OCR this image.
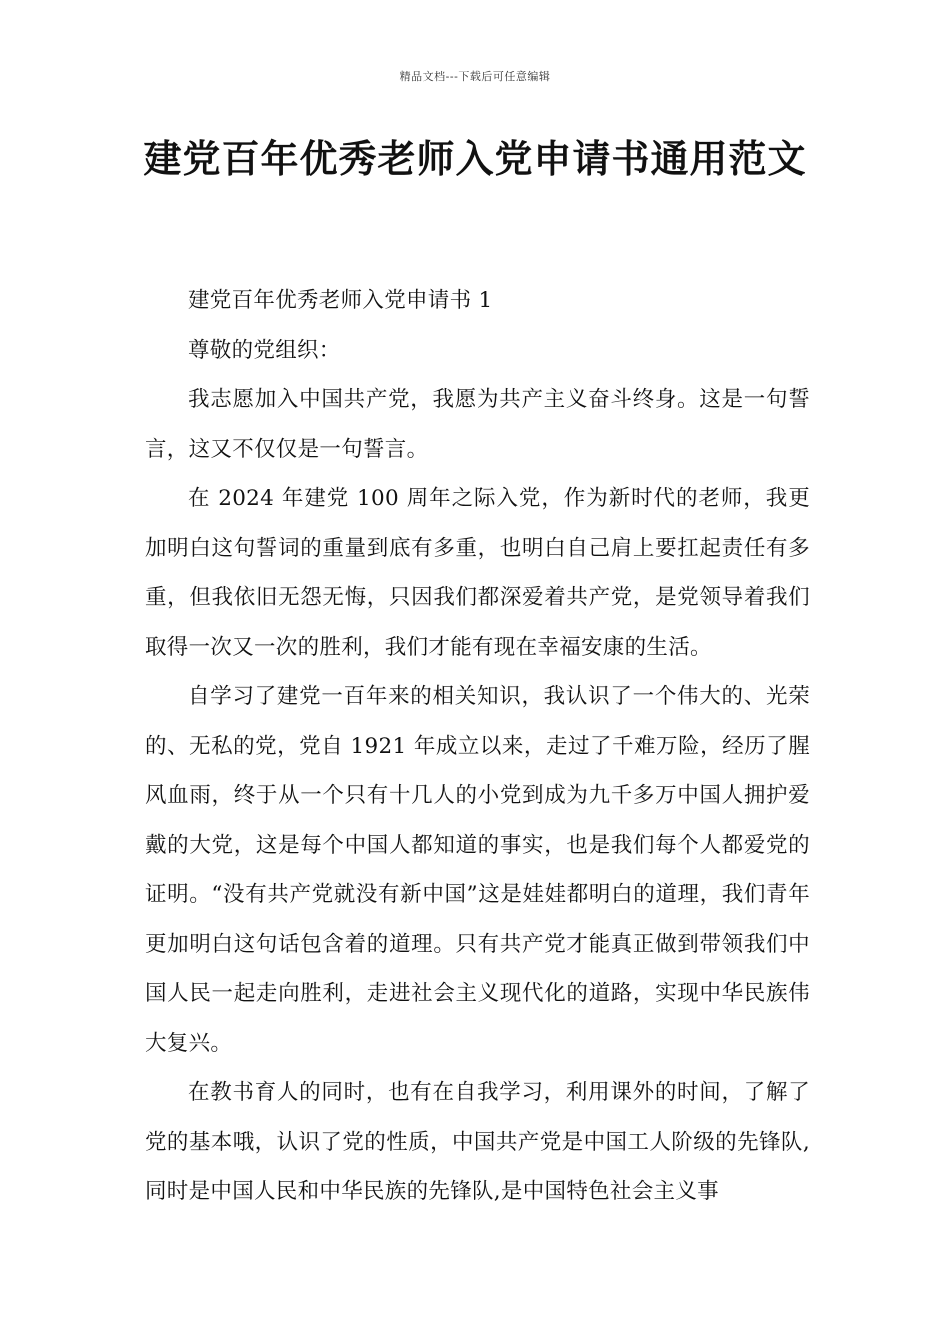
精品文档---下载后可任意编辑
建党百年优秀老师入党申请书通用范文

建党百年优秀老师入党申请书 1

尊敬的党组织：

我志愿加入中国共产党，我愿为共产主义奋斗终身。这是一句誓言，这又不仅仅是一句誓言。

在 2024 年建党 100 周年之际入党，作为新时代的老师，我更加明白这句誓词的重量到底有多重，也明白自己肩上要扛起责任有多重，但我依旧无怨无悔，只因我们都深爱着共产党，是党领导着我们取得一次又一次的胜利，我们才能有现在幸福安康的生活。

自学习了建党一百年来的相关知识，我认识了一个伟大的、光荣的、无私的党，党自 1921 年成立以来，走过了千难万险，经历了腥风血雨，终于从一个只有十几人的小党到成为九千多万中国人拥护爱戴的大党，这是每个中国人都知道的事实，也是我们每个人都爱党的证明。“没有共产党就没有新中国”这是娃娃都明白的道理，我们青年更加明白这句话包含着的道理。只有共产党才能真正做到带领我们中国人民一起走向胜利，走进社会主义现代化的道路，实现中华民族伟大复兴。

在教书育人的同时，也有在自我学习，利用课外的时间，了解了党的基本哦，认识了党的性质，中国共产党是中国工人阶级的先锋队,同时是中国人民和中华民族的先锋队,是中国特色社会主义事
